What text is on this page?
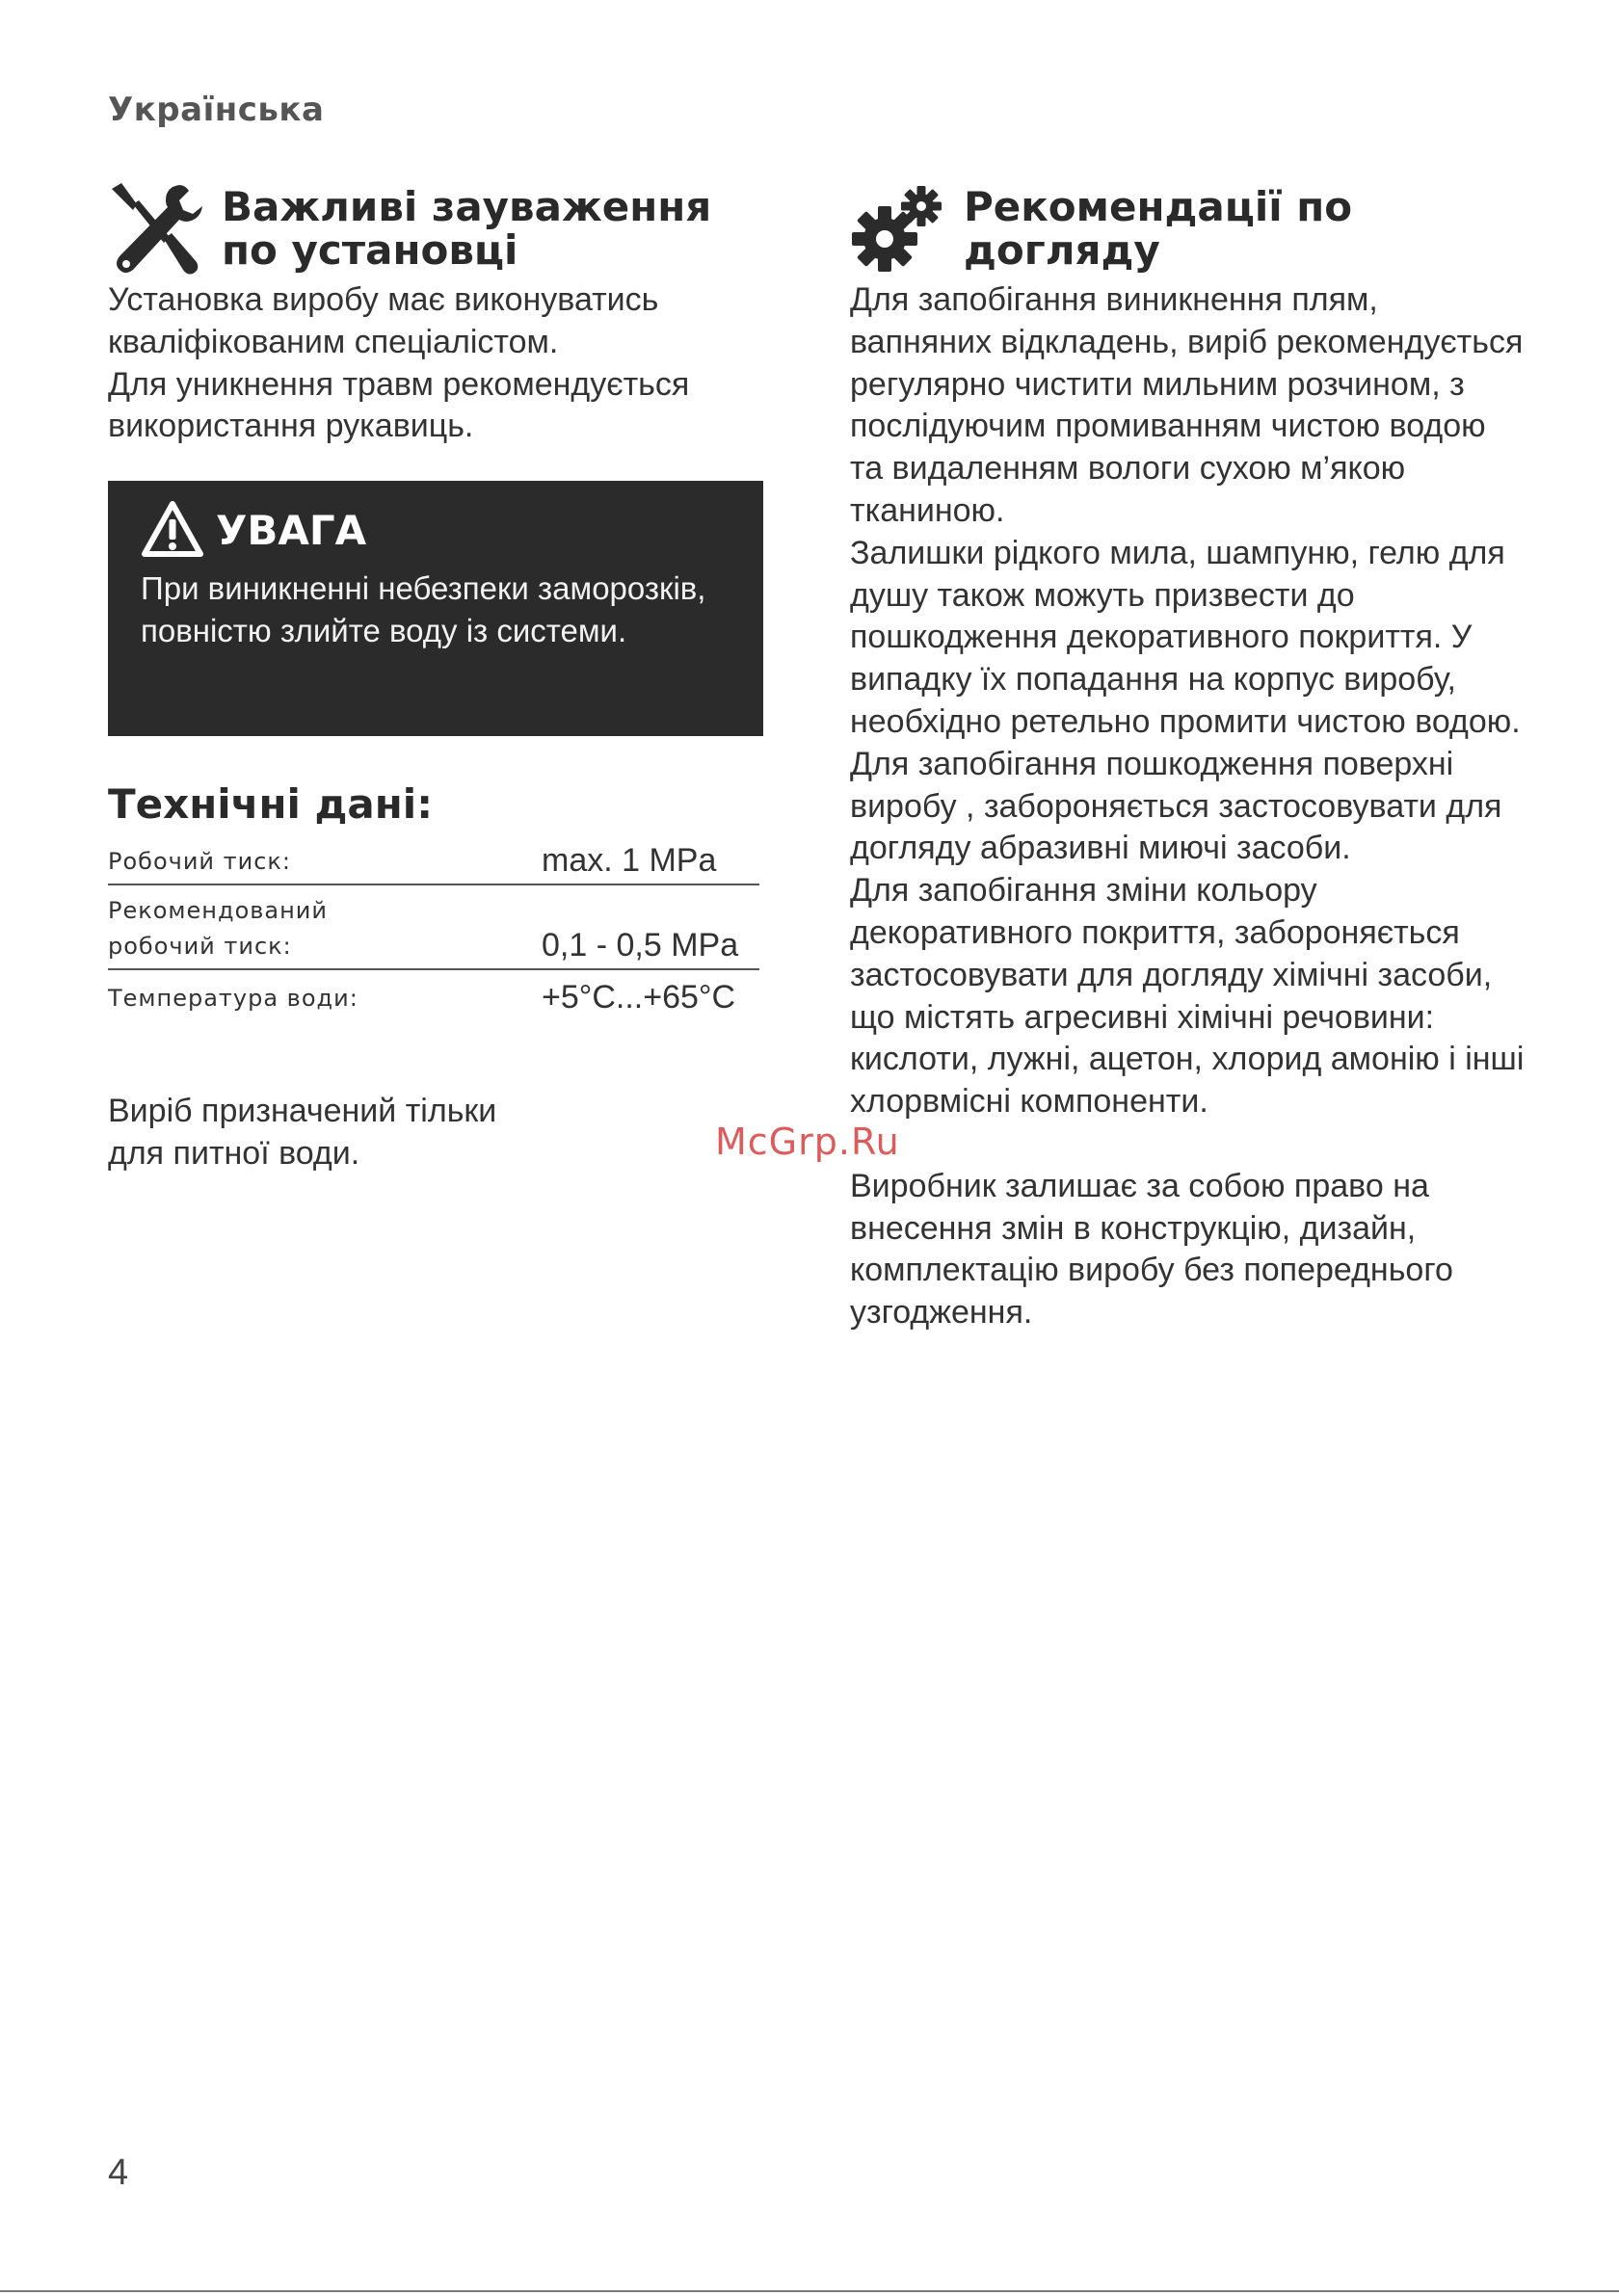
Українська
Важливі зауваження по установці

Установка виробу має виконуватись кваліфікованим спеціалістом.

Для уникнення травм рекомендується використання рукавиць.

УВАГА
При виникненні небезпеки заморозків, повністю злийте воду із системи.
Технічні дані:
Робочий тиск:	max. 1 MPa
Рекомендований
робочий тиск:	0,1 - 0,5 MPa
Температура води:	+5°C...+65°C
Виріб призначений тільки
для питної води.
Рекомендації по догляду

Для запобігання виникнення плям, вапняних відкладень, виріб рекомендується регулярно чистити мильним розчином, з послідуючим промиванням чистою водою та видаленням вологи сухою м’якою тканиною.

Залишки рідкого мила, шампуню, гелю для душу також можуть призвести до пошкодження декоративного покриття. У випадку їх попадання на корпус виробу, необхідно ретельно промити чистою водою.

Для запобігання пошкодження поверхні виробу , забороняється застосовувати для догляду абразивні миючі засоби.

Для запобігання зміни кольору декоративного покриття, забороняється застосовувати для догляду хімічні засоби, що містять агресивні хімічні речовини: кислоти, лужні, ацетон, хлорид амонію і інші хлорвмісні компоненти.

Виробник залишає за собою право на внесення змін в конструкцію, дизайн, комплектацію виробу без попереднього узгодження.

McGrp.Ru
4
